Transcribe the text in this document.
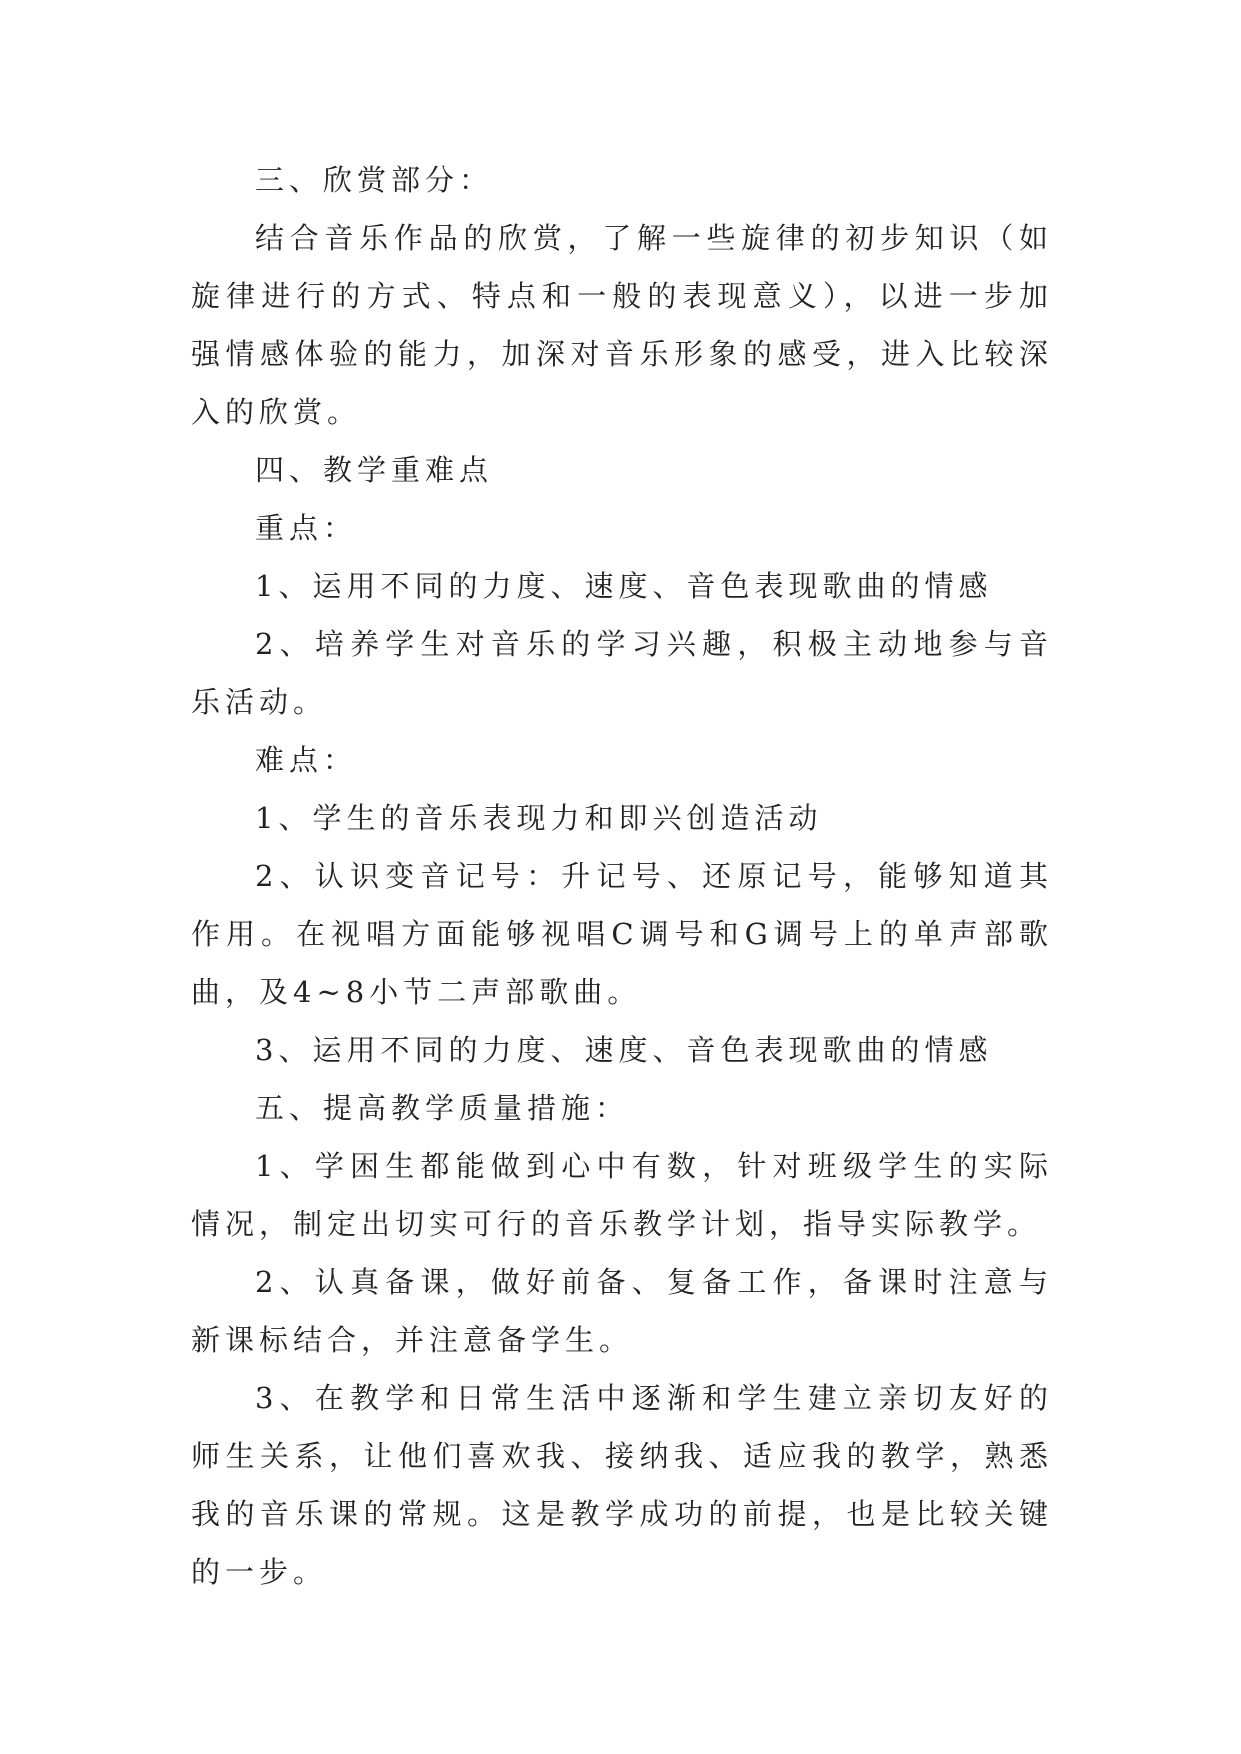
三、欣赏部分：

结合音乐作品的欣赏，了解一些旋律的初步知识（如旋律进行的方式、特点和一般的表现意义），以进一步加强情感体验的能力，加深对音乐形象的感受，进入比较深入的欣赏。

四、教学重难点

重点：

1、运用不同的力度、速度、音色表现歌曲的情感

2、培养学生对音乐的学习兴趣，积极主动地参与音乐活动。

难点：

1、学生的音乐表现力和即兴创造活动

2、认识变音记号：升记号、还原记号，能够知道其作用。在视唱方面能够视唱C调号和G调号上的单声部歌曲，及4~8小节二声部歌曲。

3、运用不同的力度、速度、音色表现歌曲的情感

五、提高教学质量措施：

1、学困生都能做到心中有数，针对班级学生的实际情况，制定出切实可行的音乐教学计划，指导实际教学。

2、认真备课，做好前备、复备工作，备课时注意与新课标结合，并注意备学生。

3、在教学和日常生活中逐渐和学生建立亲切友好的师生关系，让他们喜欢我、接纳我、适应我的教学，熟悉我的音乐课的常规。这是教学成功的前提，也是比较关键的一步。
